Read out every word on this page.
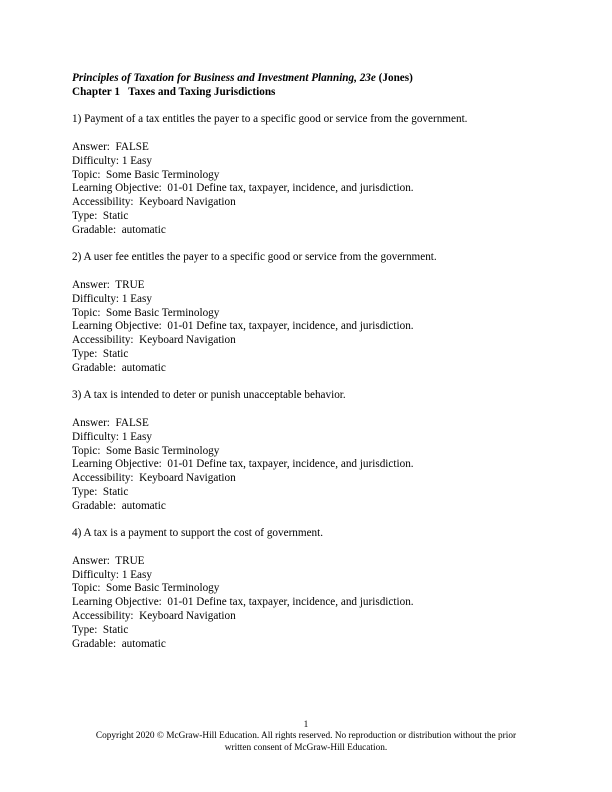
Principles of Taxation for Business and Investment Planning, 23e (Jones)
Chapter 1   Taxes and Taxing Jurisdictions
1) Payment of a tax entitles the payer to a specific good or service from the government.
Answer:  FALSE
Difficulty: 1 Easy
Topic:  Some Basic Terminology
Learning Objective:  01-01 Define tax, taxpayer, incidence, and jurisdiction.
Accessibility:  Keyboard Navigation
Type:  Static
Gradable:  automatic
2) A user fee entitles the payer to a specific good or service from the government.
Answer:  TRUE
Difficulty: 1 Easy
Topic:  Some Basic Terminology
Learning Objective:  01-01 Define tax, taxpayer, incidence, and jurisdiction.
Accessibility:  Keyboard Navigation
Type:  Static
Gradable:  automatic
3) A tax is intended to deter or punish unacceptable behavior.
Answer:  FALSE
Difficulty: 1 Easy
Topic:  Some Basic Terminology
Learning Objective:  01-01 Define tax, taxpayer, incidence, and jurisdiction.
Accessibility:  Keyboard Navigation
Type:  Static
Gradable:  automatic
4) A tax is a payment to support the cost of government.
Answer:  TRUE
Difficulty: 1 Easy
Topic:  Some Basic Terminology
Learning Objective:  01-01 Define tax, taxpayer, incidence, and jurisdiction.
Accessibility:  Keyboard Navigation
Type:  Static
Gradable:  automatic
1
Copyright 2020 © McGraw-Hill Education. All rights reserved. No reproduction or distribution without the prior
written consent of McGraw-Hill Education.
